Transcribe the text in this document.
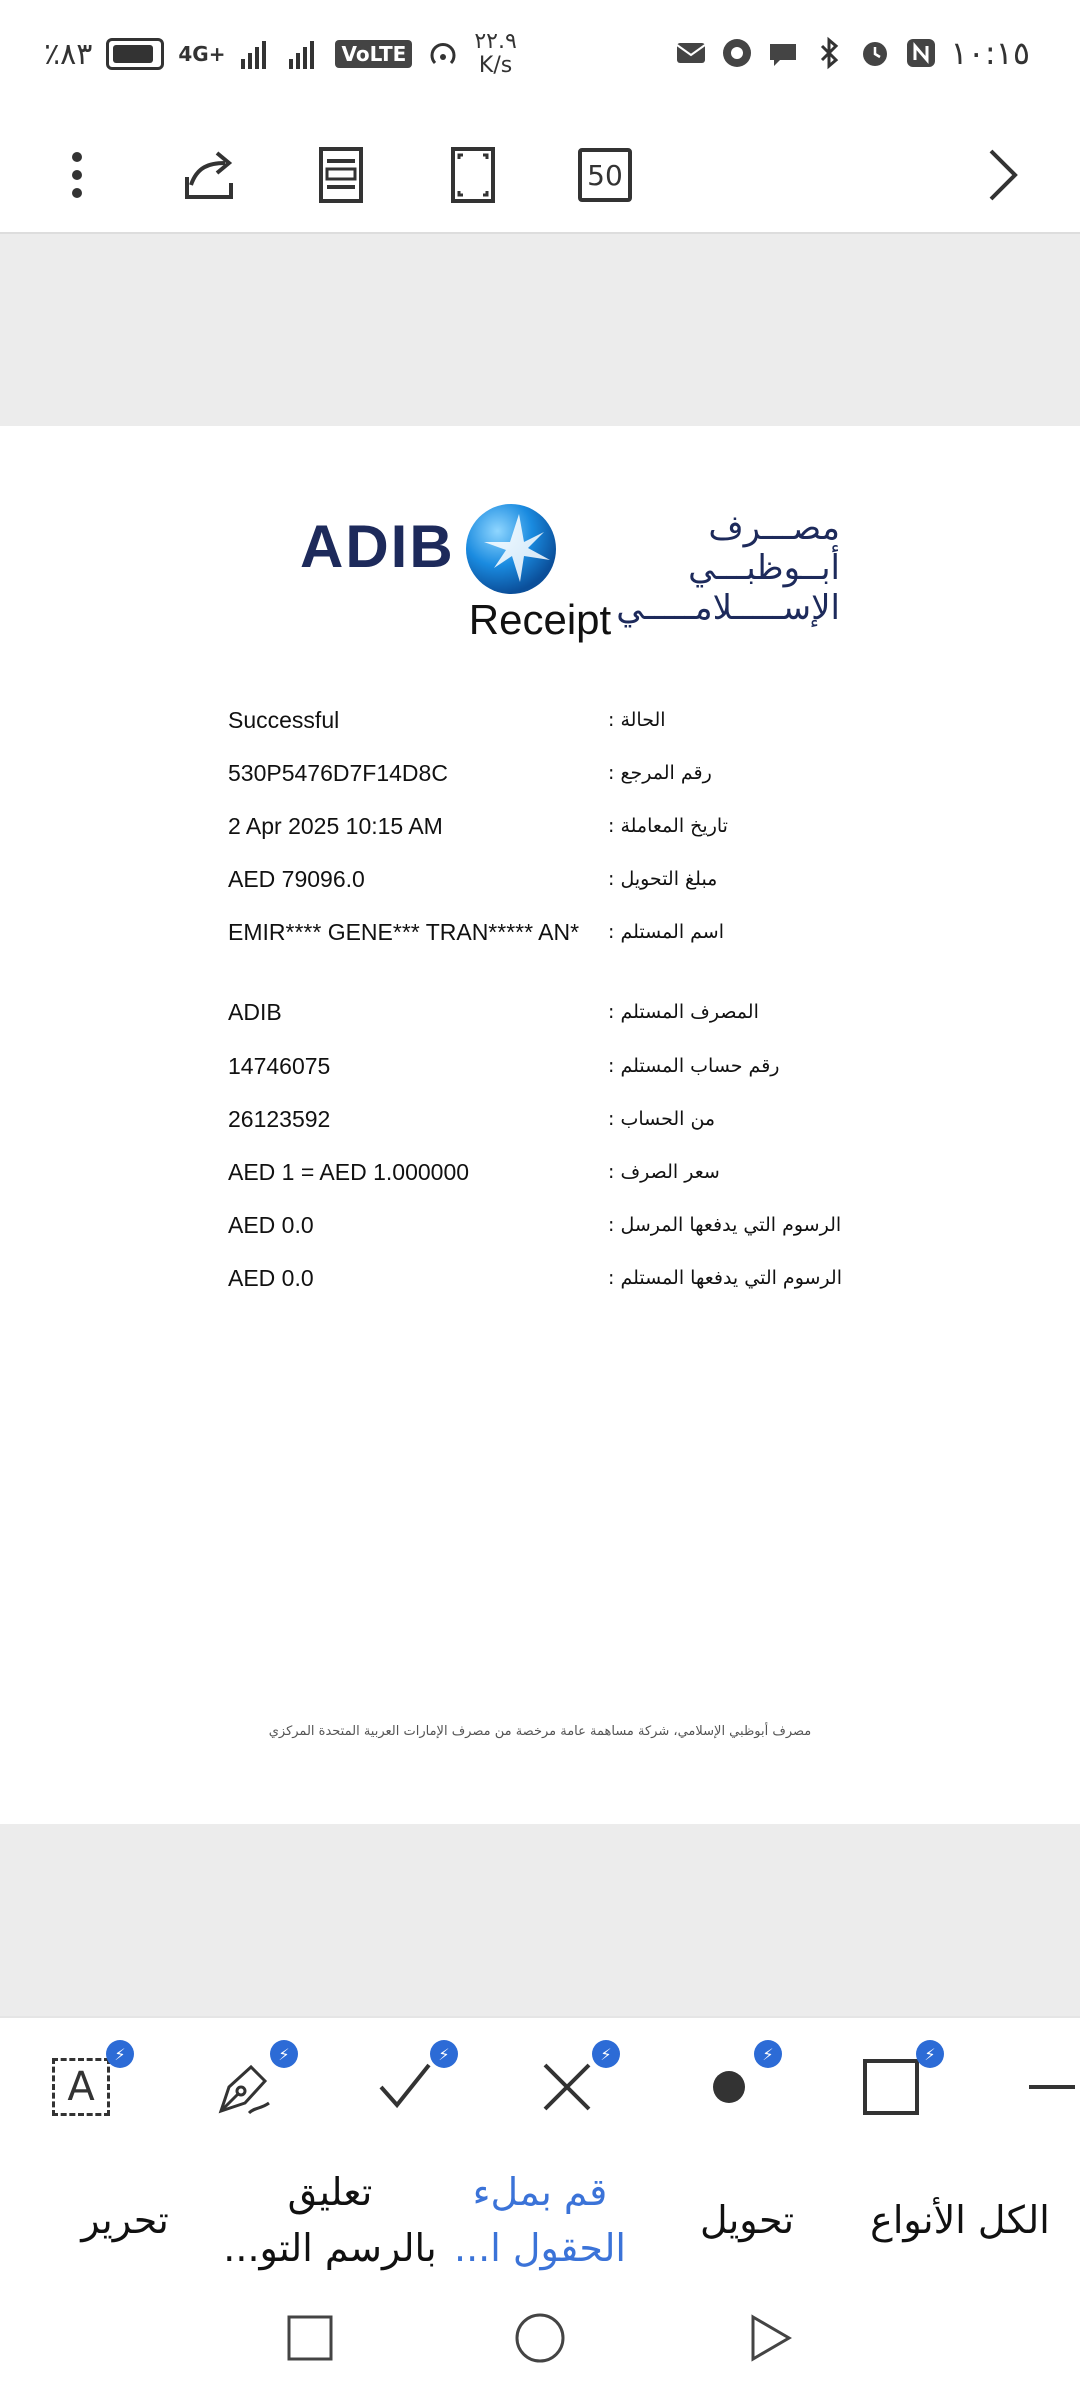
٪٨٣	4G+	VoLTE	٢٢.٩
K/s	١٠:١٥
50
ADIB	مصـــرف أبــوظبـــي
الإســـــلامـــــي
Receipt
Successful	الحالة :
530P5476D7F14D8C	رقم المرجع :
2 Apr 2025 10:15 AM	تاريخ المعاملة :
AED 79096.0	مبلغ التحويل :
EMIR**** GENE*** TRAN***** AN*	اسم المستلم :
ADIB	المصرف المستلم :
14746075	رقم حساب المستلم :
26123592	من الحساب :
AED 1 = AED 1.000000	سعر الصرف :
AED 0.0	الرسوم التي يدفعها المرسل :
AED 0.0	الرسوم التي يدفعها المستلم :
مصرف أبوظبي الإسلامي، شركة مساهمة عامة مرخصة من مصرف الإمارات العربية المتحدة المركزي
A
⚡	⚡	⚡	⚡	⚡	⚡
الكل الأنواع
تحويل
قم بملء
الحقول ا...
تعليق
بالرسم التو...
تحرير
